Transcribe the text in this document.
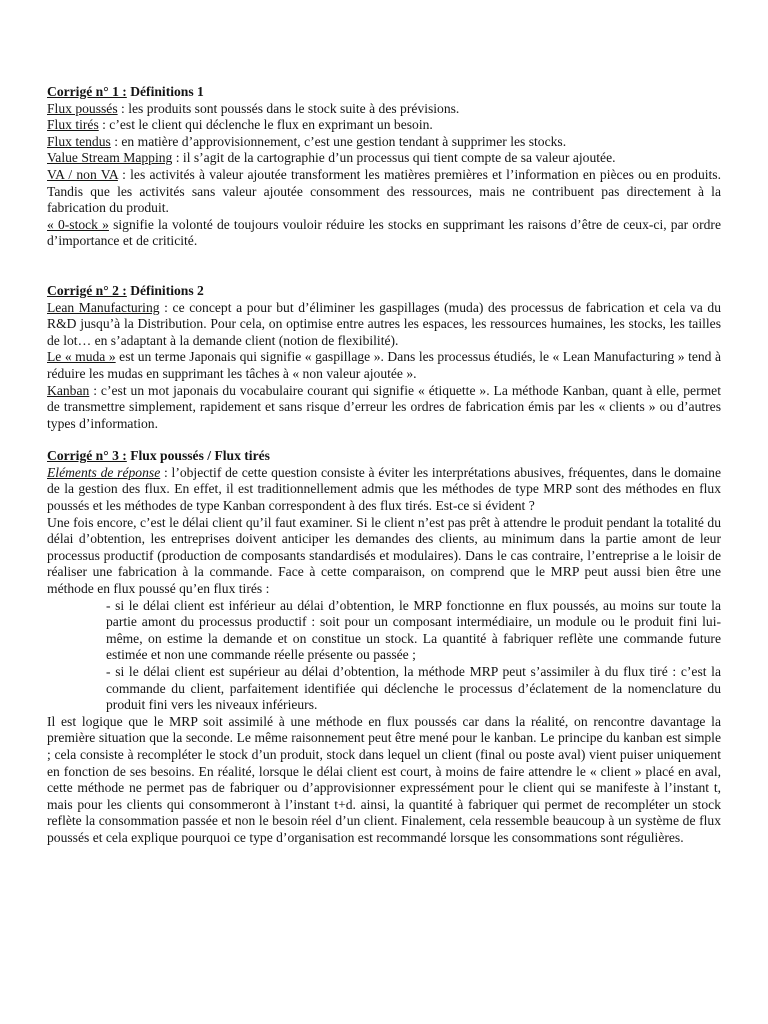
Corrigé n° 1 : Définitions 1

Flux poussés : les produits sont poussés dans le stock suite à des prévisions.

Flux tirés : c’est le client qui déclenche le flux en exprimant un besoin.

Flux tendus : en matière d’approvisionnement, c’est une gestion tendant à supprimer les stocks.

Value Stream Mapping : il s’agit de la cartographie d’un processus qui tient compte de sa valeur ajoutée.

VA / non VA : les activités à valeur ajoutée transforment les matières premières et l’information en pièces ou en produits. Tandis que les activités sans valeur ajoutée consomment des ressources, mais ne contribuent pas directement à la fabrication du produit.

« 0-stock » signifie la volonté de toujours vouloir réduire les stocks en supprimant les raisons d’être de ceux-ci, par ordre d’importance et de criticité.

Corrigé n° 2 : Définitions 2

Lean Manufacturing : ce concept a pour but d’éliminer les gaspillages (muda) des processus de fabrication et cela va du R&D jusqu’à la Distribution. Pour cela, on optimise entre autres les espaces, les ressources humaines, les stocks, les tailles de lot… en s’adaptant à la demande client (notion de flexibilité).

Le « muda » est un terme Japonais qui signifie « gaspillage ». Dans les processus étudiés, le « Lean Manufacturing » tend à réduire les mudas en supprimant les tâches à « non valeur ajoutée ».

Kanban : c’est un mot japonais du vocabulaire courant qui signifie « étiquette ». La méthode Kanban, quant à elle, permet de transmettre simplement, rapidement et sans risque d’erreur les ordres de fabrication émis par les « clients » ou d’autres types d’information.

Corrigé n° 3 : Flux poussés / Flux tirés

Eléments de réponse : l’objectif de cette question consiste à éviter les interprétations abusives, fréquentes, dans le domaine de la gestion des flux. En effet, il est traditionnellement admis que les méthodes de type MRP sont des méthodes en flux poussés et les méthodes de type Kanban correspondent à des flux tirés. Est-ce si évident ?

Une fois encore, c’est le délai client qu’il faut examiner. Si le client n’est pas prêt à attendre le produit pendant la totalité du délai d’obtention, les entreprises doivent anticiper les demandes des clients, au minimum dans la partie amont de leur processus productif (production de composants standardisés et modulaires). Dans le cas contraire, l’entreprise a le loisir de réaliser une fabrication à la commande. Face à cette comparaison, on comprend que le MRP peut aussi bien être une méthode en flux poussé qu’en flux tirés :

- si le délai client est inférieur au délai d’obtention, le MRP fonctionne en flux poussés, au moins sur toute la partie amont du processus productif : soit pour un composant intermédiaire, un module ou le produit fini lui-même, on estime la demande et on constitue un stock. La quantité à fabriquer reflète une commande future estimée et non une commande réelle présente ou passée ;

- si le délai client est supérieur au délai d’obtention, la méthode MRP peut s’assimiler à du flux tiré : c’est la commande du client, parfaitement identifiée qui déclenche le processus d’éclatement de la nomenclature du produit fini vers les niveaux inférieurs.

Il est logique que le MRP soit assimilé à une méthode en flux poussés car dans la réalité, on rencontre davantage la première situation que la seconde. Le même raisonnement peut être mené pour le kanban. Le principe du kanban est simple ; cela consiste à recompléter le stock d’un produit, stock dans lequel un client (final ou poste aval) vient puiser uniquement en fonction de ses besoins. En réalité, lorsque le délai client est court, à moins de faire attendre le « client » placé en aval, cette méthode ne permet pas de fabriquer ou d’approvisionner expressément pour le client qui se manifeste à l’instant t, mais pour les clients qui consommeront à l’instant t+d. ainsi, la quantité à fabriquer qui permet de recompléter un stock reflète la consommation passée et non le besoin réel d’un client. Finalement, cela ressemble beaucoup à un système de flux poussés et cela explique pourquoi ce type d’organisation est recommandé lorsque les consommations sont régulières.
